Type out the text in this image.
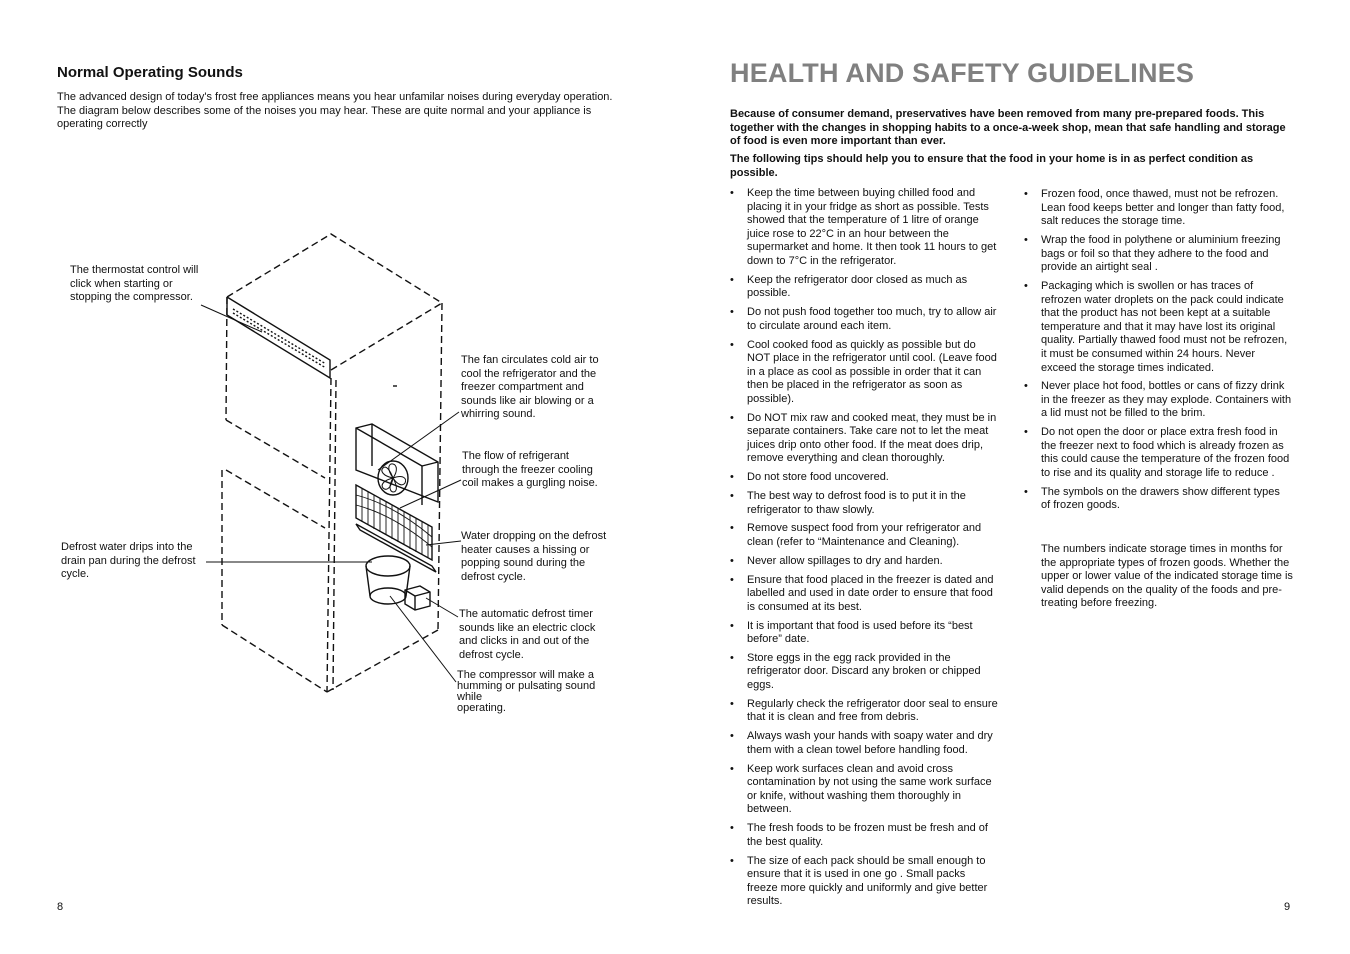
Normal Operating Sounds

The advanced design of today's frost free appliances means you hear unfamilar noises during everyday operation. The diagram below describes some of the noises you may hear. These are quite normal and your appliance is operating correctly

The thermostat control will
click when starting or
stopping the compressor.

The fan circulates cold air to
cool the refrigerator and the
freezer compartment and
sounds like air blowing or a
whirring sound.

The flow of refrigerant
through the freezer cooling
coil makes a gurgling noise.

Water dropping on the defrost
heater causes a hissing or
popping sound during the
defrost cycle.

Defrost water drips into the
drain pan during the defrost
cycle.

The automatic defrost timer
sounds like an electric clock
and clicks in and out of the
defrost cycle.

The compressor will make a
humming or pulsating sound
while
operating.

8

HEALTH AND SAFETY GUIDELINES

Because of consumer demand, preservatives have been removed from many pre-prepared foods. This together with the changes in shopping habits to a once-a-week shop, mean that safe handling and storage of food is even more important than ever.

The following tips should help you to ensure that the food in your home is in as perfect condition as possible.

• Keep the time between buying chilled food and placing it in your fridge as short as possible. Tests showed that the temperature of 1 litre of orange juice rose to 22°C in an hour between the supermarket and home. It then took 11 hours to get down to 7°C in the refrigerator.
• Keep the refrigerator door closed as much as possible.
• Do not push food together too much, try to allow air to circulate around each item.
• Cool cooked food as quickly as possible but do NOT place in the refrigerator until cool. (Leave food in a place as cool as possible in order that it can then be placed in the refrigerator as soon as possible).
• Do NOT mix raw and cooked meat, they must be in separate containers. Take care not to let the meat juices drip onto other food. If the meat does drip, remove everything and clean thoroughly.
• Do not store food uncovered.
• The best way to defrost food is to put it in the refrigerator to thaw slowly.
• Remove suspect food from your refrigerator and clean (refer to “Maintenance and Cleaning).
• Never allow spillages to dry and harden.
• Ensure that food placed in the freezer is dated and labelled and used in date order to ensure that food is consumed at its best.
• It is important that food is used before its “best before” date.
• Store eggs in the egg rack provided in the refrigerator door. Discard any broken or chipped eggs.
• Regularly check the refrigerator door seal to ensure that it is clean and free from debris.
• Always wash your hands with soapy water and dry them with a clean towel before handling food.
• Keep work surfaces clean and avoid cross contamination by not using the same work surface or knife, without washing them thoroughly in between.
• The fresh foods to be frozen must be fresh and of the best quality.
• The size of each pack should be small enough to ensure that it is used in one go . Small packs freeze more quickly and uniformly and give better results.
• Frozen food, once thawed, must not be refrozen. Lean food keeps better and longer than fatty food, salt reduces the storage time.
• Wrap the food in polythene or aluminium freezing bags or foil so that they adhere to the food and provide an airtight seal .
• Packaging which is swollen or has traces of refrozen water droplets on the pack could indicate that the product has not been kept at a suitable temperature and that it may have lost its original quality. Partially thawed food must not be refrozen, it must be consumed within 24 hours. Never exceed the storage times indicated.
• Never place hot food, bottles or cans of fizzy drink in the freezer as they may explode. Containers with a lid must not be filled to the brim.
• Do not open the door or place extra fresh food in the freezer next to food which is already frozen as this could cause the temperature of the frozen food to rise and its quality and storage life to reduce .
• The symbols on the drawers show different types of frozen goods.

The numbers indicate storage times in months for the appropriate types of frozen goods. Whether the upper or lower value of the indicated storage time is valid depends on the quality of the foods and pre-treating before freezing.

9
